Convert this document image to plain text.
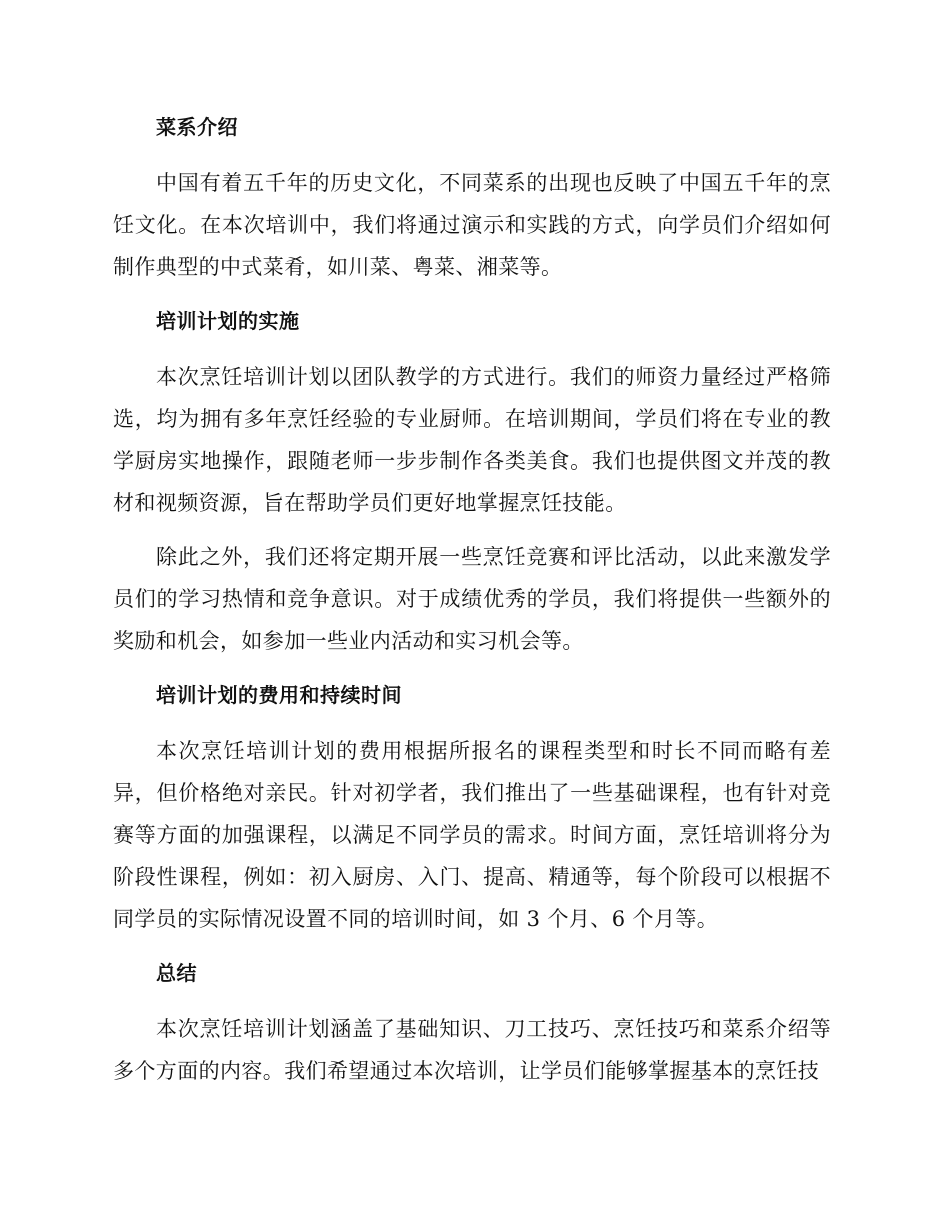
菜系介绍

中国有着五千年的历史文化，不同菜系的出现也反映了中国五千年的烹饪文化。在本次培训中，我们将通过演示和实践的方式，向学员们介绍如何制作典型的中式菜肴，如川菜、粤菜、湘菜等。

培训计划的实施

本次烹饪培训计划以团队教学的方式进行。我们的师资力量经过严格筛选，均为拥有多年烹饪经验的专业厨师。在培训期间，学员们将在专业的教学厨房实地操作，跟随老师一步步制作各类美食。我们也提供图文并茂的教材和视频资源，旨在帮助学员们更好地掌握烹饪技能。

除此之外，我们还将定期开展一些烹饪竞赛和评比活动，以此来激发学员们的学习热情和竞争意识。对于成绩优秀的学员，我们将提供一些额外的奖励和机会，如参加一些业内活动和实习机会等。

培训计划的费用和持续时间

本次烹饪培训计划的费用根据所报名的课程类型和时长不同而略有差异，但价格绝对亲民。针对初学者，我们推出了一些基础课程，也有针对竞赛等方面的加强课程，以满足不同学员的需求。时间方面，烹饪培训将分为阶段性课程，例如：初入厨房、入门、提高、精通等，每个阶段可以根据不同学员的实际情况设置不同的培训时间，如 3 个月、6 个月等。

总结

本次烹饪培训计划涵盖了基础知识、刀工技巧、烹饪技巧和菜系介绍等多个方面的内容。我们希望通过本次培训，让学员们能够掌握基本的烹饪技
